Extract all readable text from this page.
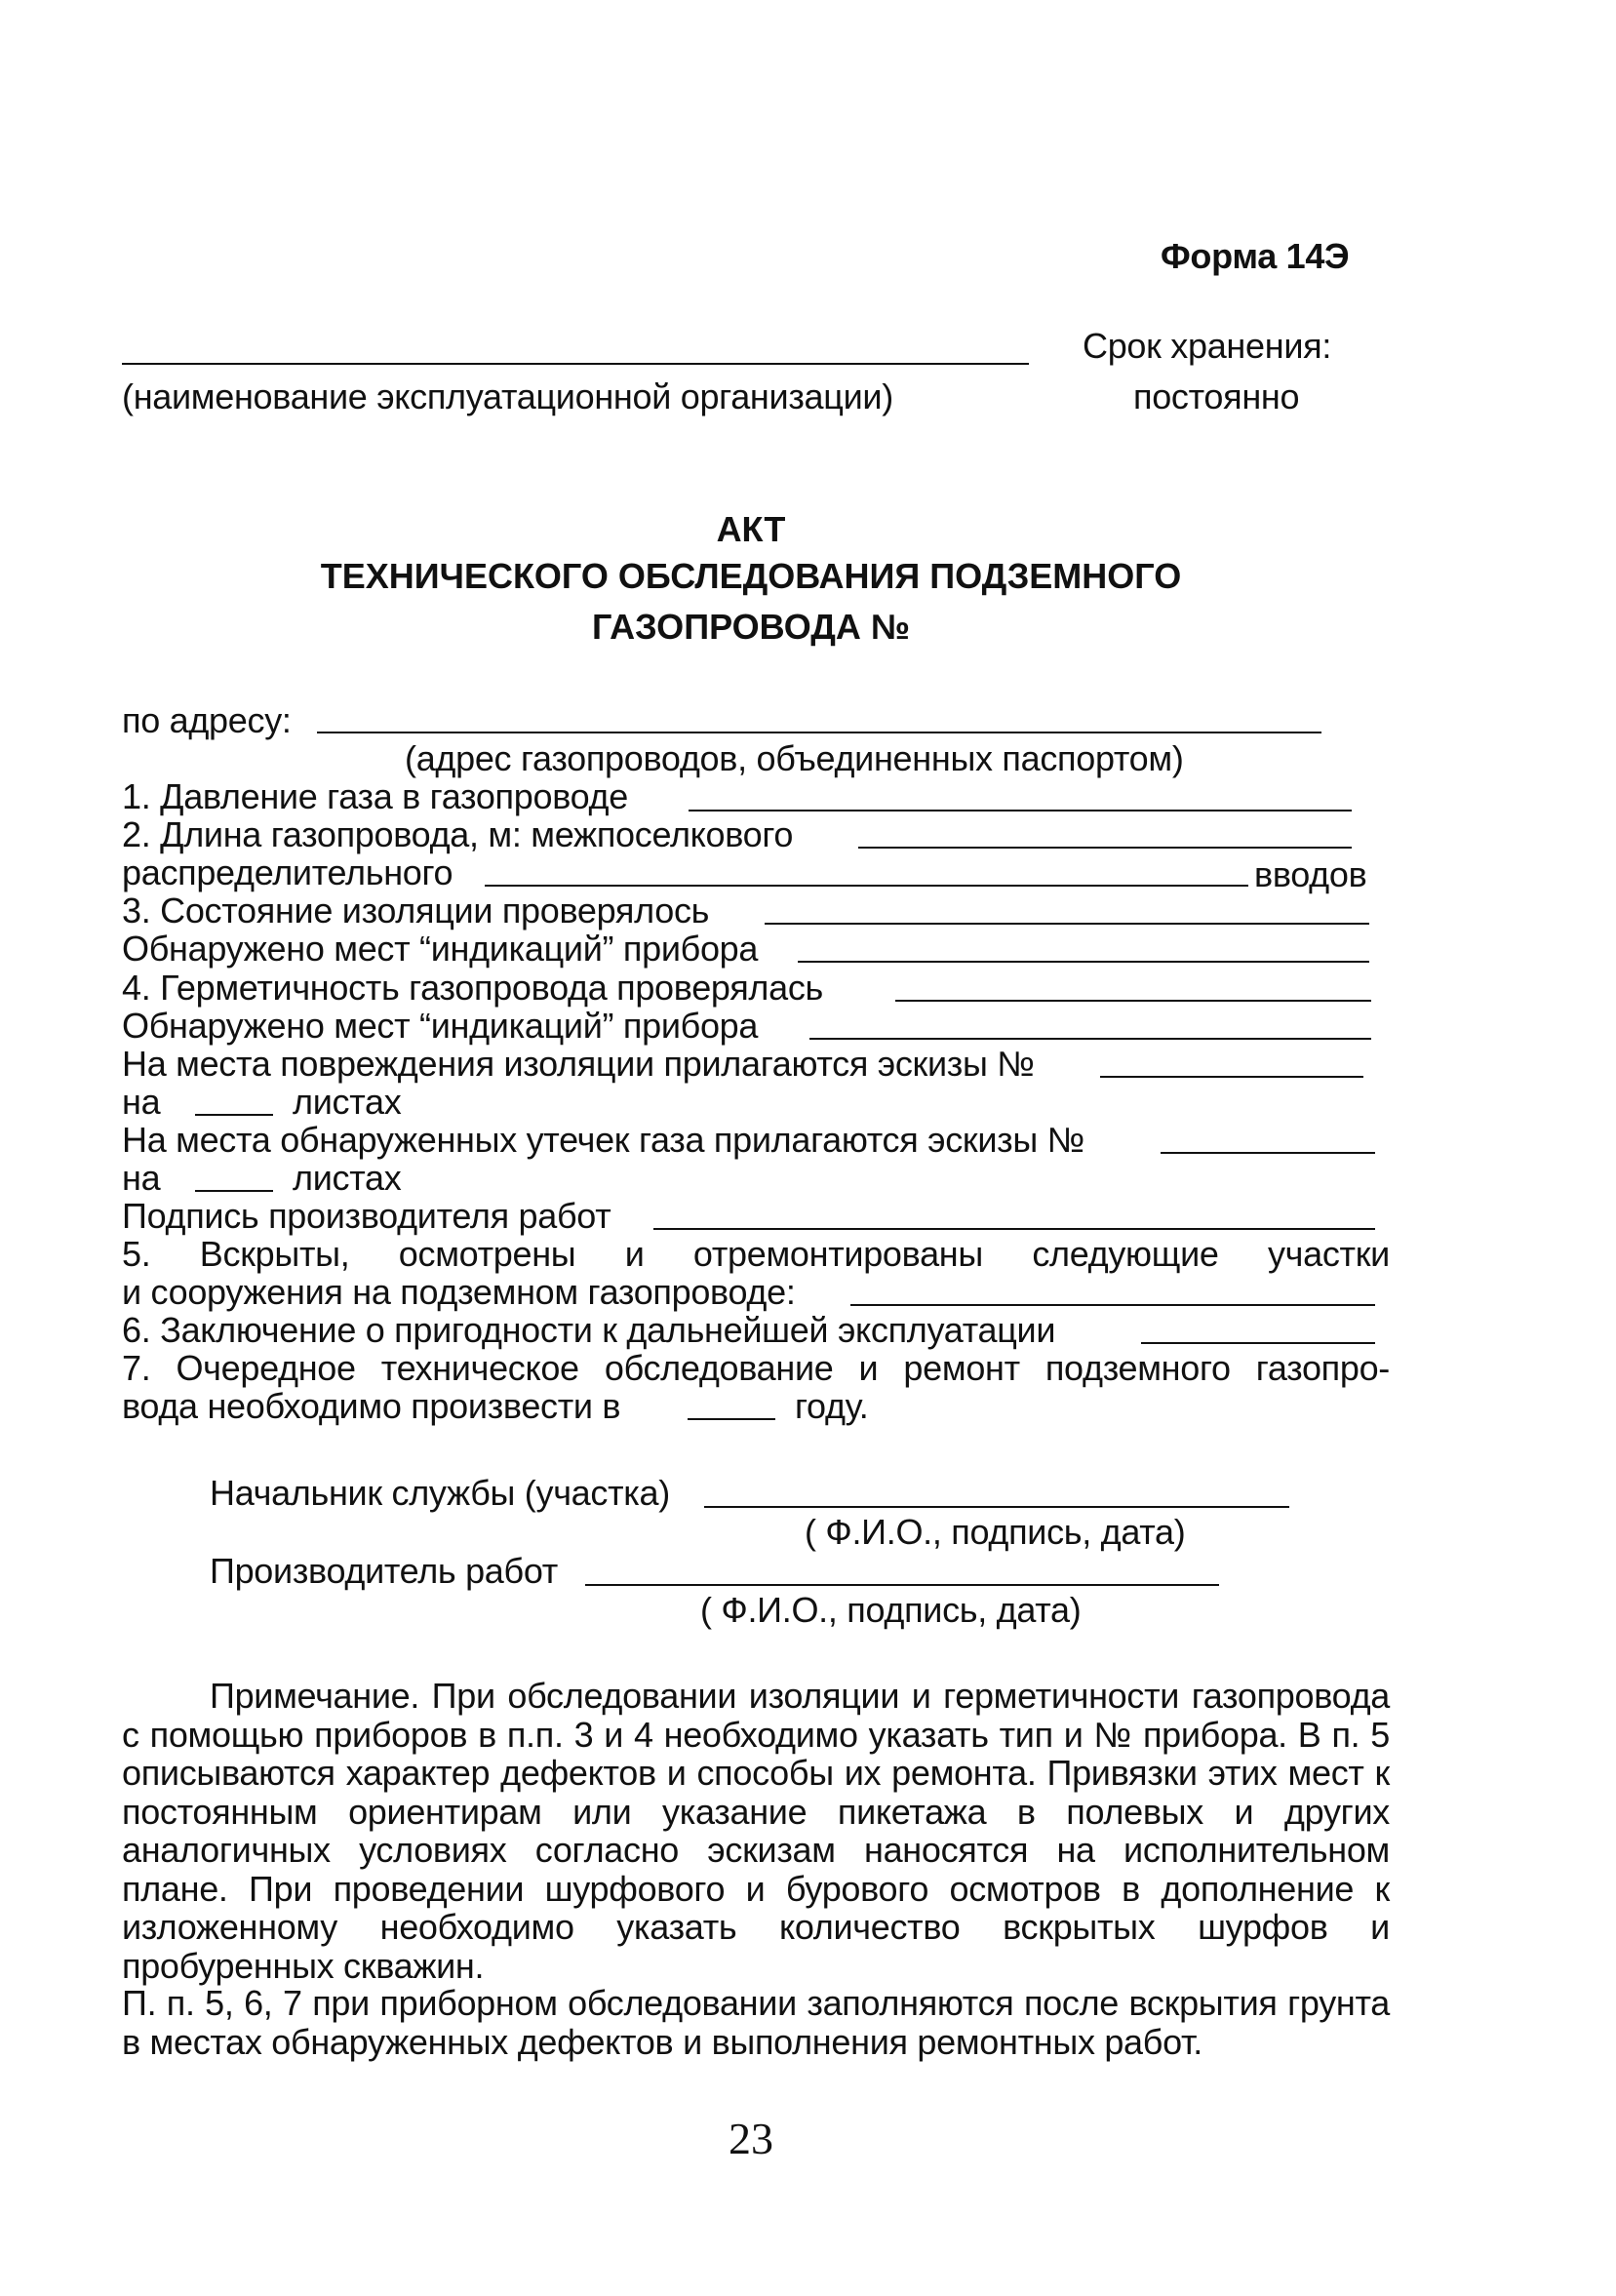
Форма 14Э
Срок хранения:
(наименование эксплуатационной организации)	постоянно
АКТ
ТЕХНИЧЕСКОГО ОБСЛЕДОВАНИЯ ПОДЗЕМНОГО
ГАЗОПРОВОДА №
по адресу:
(адрес газопроводов, объединенных паспортом)
1. Давление газа в газопроводе
2. Длина газопровода, м: межпоселкового
распределительного	вводов
3. Состояние изоляции проверялось
Обнаружено мест “индикаций” прибора
4. Герметичность газопровода проверялась
Обнаружено мест “индикаций” прибора
На места повреждения изоляции прилагаются эскизы №
на	листах
На места обнаруженных утечек газа прилагаются эскизы №
на	листах
Подпись производителя работ
5. Вскрыты, осмотрены и отремонтированы следующие участки
и сооружения на подземном газопроводе:
6. Заключение о пригодности к дальнейшей эксплуатации
7. Очередное техническое обследование и ремонт подземного газопро-
вода необходимо произвести в	году.
Начальник службы (участка)
( Ф.И.О., подпись, дата)
Производитель работ
( Ф.И.О., подпись, дата)
Примечание. При обследовании изоляции и герметичности газопровода с помощью приборов в п.п. 3 и 4 необходимо указать тип и № прибора. В п. 5 описываются характер дефектов и способы их ремонта. Привязки этих мест к постоянным ориентирам или указание пикетажа в полевых и других аналогичных условиях согласно эскизам наносятся на исполнительном плане. При проведении шурфового и бурового осмотров в дополнение к изложенному необходимо указать количество вскрытых шурфов и пробуренных скважин.
П. п. 5, 6, 7 при приборном обследовании заполняются после вскрытия грунта в местах обнаруженных дефектов и выполнения ремонтных работ.
23
